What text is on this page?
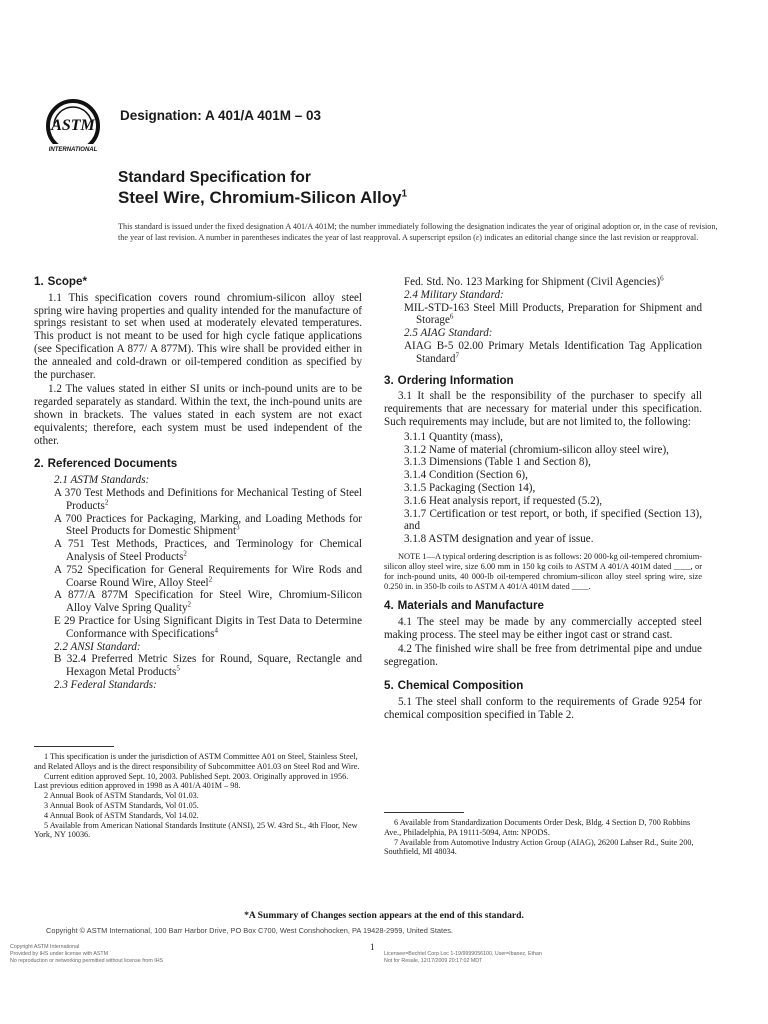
ASTM
INTERNATIONAL
Designation: A 401/A 401M – 03
Standard Specification for
Steel Wire, Chromium-Silicon Alloy$^1$
This standard is issued under the fixed designation A 401/A 401M; the number immediately following the designation indicates the year of original adoption or, in the case of revision, the year of last revision. A number in parentheses indicates the year of last reapproval. A superscript epsilon (ε) indicates an editorial change since the last revision or reapproval.
1. Scope*

1.1 This specification covers round chromium-silicon alloy steel spring wire having properties and quality intended for the manufacture of springs resistant to set when used at moderately elevated temperatures. This product is not meant to be used for high cycle fatique applications (see Specification A 877/ A 877M). This wire shall be provided either in the annealed and cold-drawn or oil-tempered condition as specified by the purchaser.

1.2 The values stated in either SI units or inch-pound units are to be regarded separately as standard. Within the text, the inch-pound units are shown in brackets. The values stated in each system are not exact equivalents; therefore, each system must be used independent of the other.

2. Referenced Documents
2.1 ASTM Standards:
A 370 Test Methods and Definitions for Mechanical Testing of Steel Products$^2$
A 700 Practices for Packaging, Marking, and Loading Methods for Steel Products for Domestic Shipment$^3$
A 751 Test Methods, Practices, and Terminology for Chemical Analysis of Steel Products$^2$
A 752 Specification for General Requirements for Wire Rods and Coarse Round Wire, Alloy Steel$^2$
A 877/A 877M Specification for Steel Wire, Chromium-Silicon Alloy Valve Spring Quality$^2$
E 29 Practice for Using Significant Digits in Test Data to Determine Conformance with Specifications$^4$
2.2 ANSI Standard:
B 32.4 Preferred Metric Sizes for Round, Square, Rectangle and Hexagon Metal Products$^5$
2.3 Federal Standards:
Fed. Std. No. 123 Marking for Shipment (Civil Agencies)$^6$
2.4 Military Standard:
MIL-STD-163 Steel Mill Products, Preparation for Shipment and Storage$^6$
2.5 AIAG Standard:
AIAG B-5 02.00 Primary Metals Identification Tag Application Standard$^7$
3. Ordering Information

3.1 It shall be the responsibility of the purchaser to specify all requirements that are necessary for material under this specification. Such requirements may include, but are not limited to, the following:

3.1.1 Quantity (mass),
3.1.2 Name of material (chromium-silicon alloy steel wire),
3.1.3 Dimensions (Table 1 and Section 8),
3.1.4 Condition (Section 6),
3.1.5 Packaging (Section 14),
3.1.6 Heat analysis report, if requested (5.2),
3.1.7 Certification or test report, or both, if specified (Section 13), and
3.1.8 ASTM designation and year of issue.
NOTE 1—A typical ordering description is as follows: 20 000-kg oil-tempered chromium-silicon alloy steel wire, size 6.00 mm in 150 kg coils to ASTM A 401/A 401M dated ____, or for inch-pound units, 40 000-lb oil-tempered chromium-silicon alloy steel spring wire, size 0.250 in. in 350-lb coils to ASTM A 401/A 401M dated ____.
4. Materials and Manufacture

4.1 The steel may be made by any commercially accepted steel making process. The steel may be either ingot cast or strand cast.

4.2 The finished wire shall be free from detrimental pipe and undue segregation.

5. Chemical Composition

5.1 The steel shall conform to the requirements of Grade 9254 for chemical composition specified in Table 2.

1 This specification is under the jurisdiction of ASTM Committee A01 on Steel, Stainless Steel, and Related Alloys and is the direct responsibility of Subcommittee A01.03 on Steel Rod and Wire.
Current edition approved Sept. 10, 2003. Published Sept. 2003. Originally approved in 1956. Last previous edition approved in 1998 as A 401/A 401M – 98.
2 Annual Book of ASTM Standards, Vol 01.03.
3 Annual Book of ASTM Standards, Vol 01.05.
4 Annual Book of ASTM Standards, Vol 14.02.
5 Available from American National Standards Institute (ANSI), 25 W. 43rd St., 4th Floor, New York, NY 10036.
6 Available from Standardization Documents Order Desk, Bldg. 4 Section D, 700 Robbins Ave., Philadelphia, PA 19111-5094, Attn: NPODS.
7 Available from Automotive Industry Action Group (AIAG), 26200 Lahser Rd., Suite 200, Southfield, MI 48034.
*A Summary of Changes section appears at the end of this standard.
Copyright © ASTM International, 100 Barr Harbor Drive, PO Box C700, West Conshohocken, PA 19428-2959, United States.
1
Copyright ASTM International
Provided by IHS under license with ASTM
No reproduction or networking permitted without license from IHS
Licensee=Bechtel Corp Loc 1-19/9999056100, User=Ibanez, Ethan
Not for Resale, 12/17/2009 20:17:02 MDT
